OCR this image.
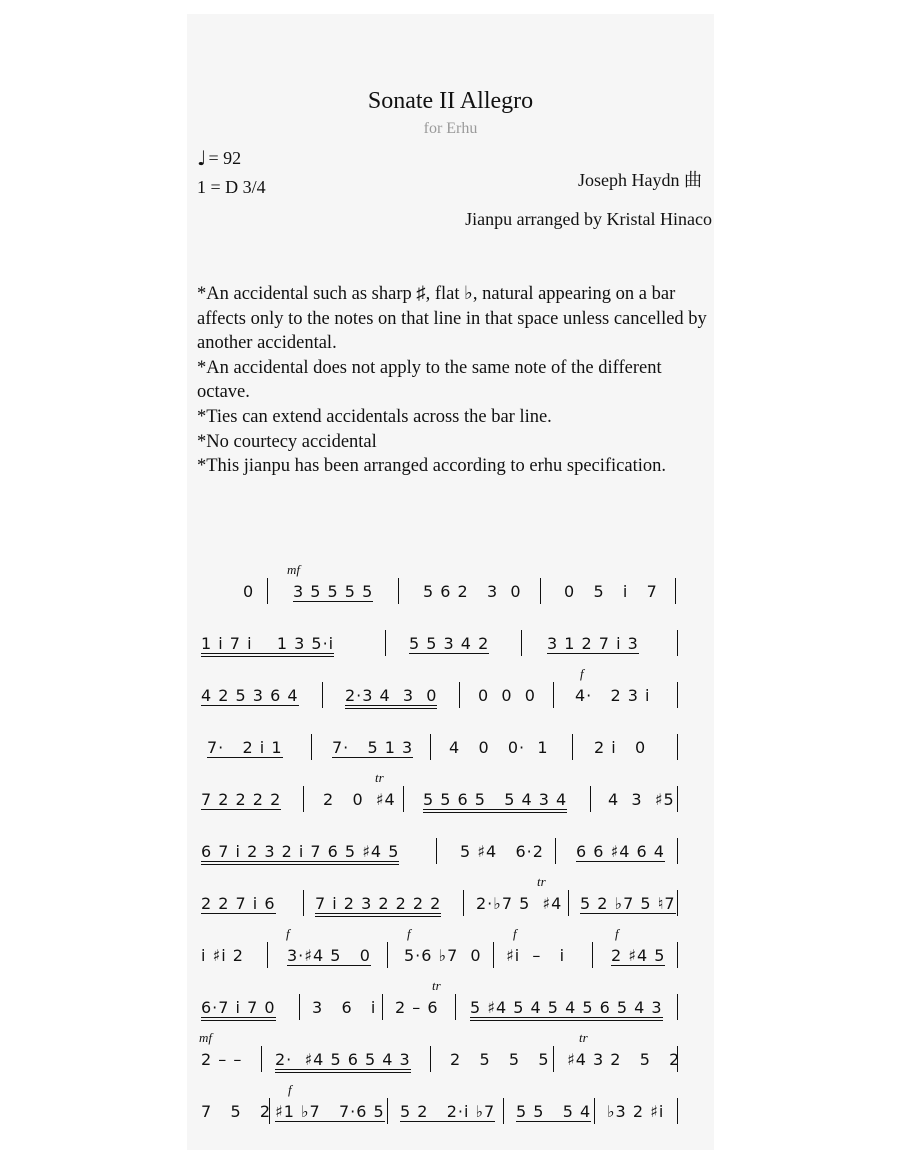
Sonate II Allegro
for Erhu
♩ = 92
1 = D 3/4	Joseph Haydn 曲
Jianpu arranged by Kristal Hinaco

*An accidental such as sharp ♯, flat ♭, natural appearing on a bar affects only to the notes on that line in that space unless cancelled by another accidental.

*An accidental does not apply to the same note of the different octave.

*Ties can extend accidentals across the bar line.

*No courtecy accidental

*This jianpu has been arranged according to erhu specification.

mf
0 3 5 5 5 5	5 6 2   3  0	0   5   i   7
1 i 7 i    1 3 5·i	5 5 3 4 2	3 1 2 7 i 3
f
4 2 5 3 6 4	2·3 4  3  0	0  0  0 4·   2 3 i
7·   2 i 1	7·   5 1 3 4   0   0·  1	2 i   0
tr
7 2 2 2 2	2   0  ♯4 5 5 6 5   5 4 3 4	4  3  ♯5
6 7 i 2 3 2 i 7 6 5 ♯4 5	5 ♯4   6·2 6 6 ♯4 6 4
tr
2 2 7 i 6 7 i 2 3 2 2 2 2 2·♭7 5  ♯4 5 2 ♭7 5 ♮7
f	f	f	f
i ♯i 2	3·♯4 5   0 5·6 ♭7  0 ♯i  –   i	2 ♯4 5
tr
6·7 i 7 0 3   6   i 2 – 6 5 ♯4 5 4 5 4 5 6 5 4 3
mf	tr
2 – – 2·  ♯4 5 6 5 4 3 2   5   5   5 ♯4 3 2   5   2
f
7   5   2 ♯1 ♭7   7·6 5 5 2   2·i ♭7 5 5   5 4 ♭3 2 ♯i
